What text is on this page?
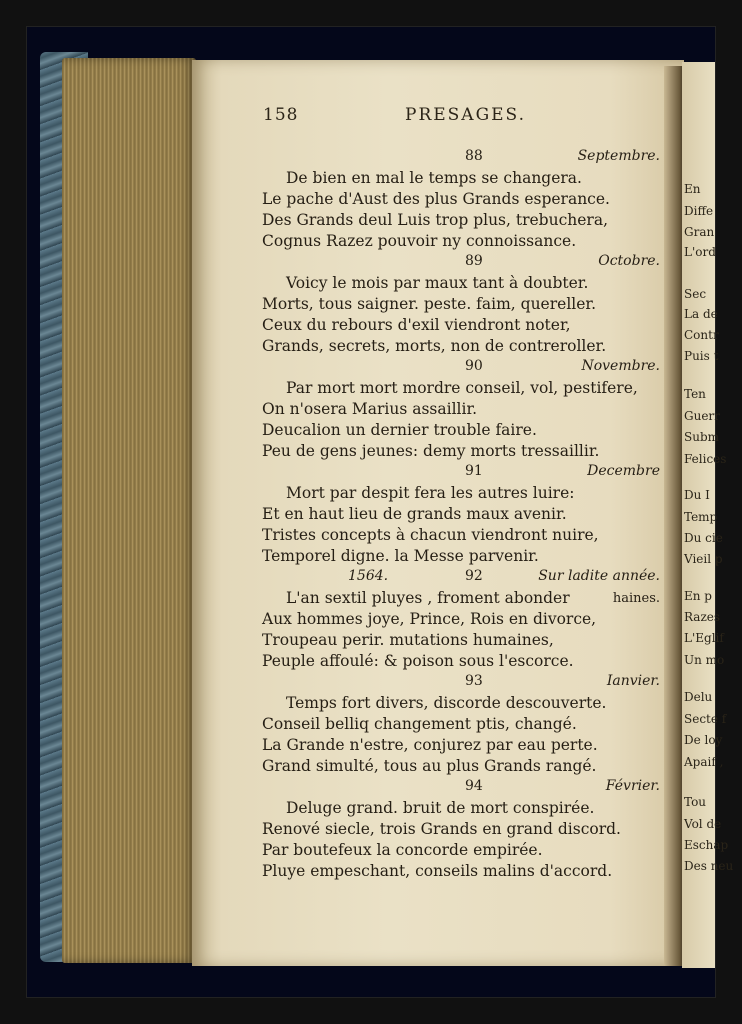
En
Diffe
Gran
L'ord
Sec
La de
Contr
Puis t
Ten
Guerr
Subm
Felices
Du I
Temp
Du cie
Vieil p
En p
Razes
L'Eglif
Un mo
Delu
Secte f
De loy
Apaif ,
Tou
Vol de
Eschap
Des neu
158	PRESAGES.
88	Septembre.
De bien en mal le temps se changera.
Le pache d'Aust des plus Grands esperance.
Des Grands deul Luis trop plus, trebuchera,
Cognus Razez pouvoir ny connoissance.
89	Octobre.
Voicy le mois par maux tant à doubter.
Morts, tous saigner. peste. faim, quereller.
Ceux du rebours d'exil viendront noter,
Grands, secrets, morts, non de contreroller.
90	Novembre.
Par mort mort mordre conseil, vol, pestifere,
On n'osera Marius assaillir.
Deucalion un dernier trouble faire.
Peu de gens jeunes: demy morts tressaillir.
91	Decembre
Mort par despit fera les autres luire:
Et en haut lieu de grands maux avenir.
Tristes concepts à chacun viendront nuire,
Temporel digne. la Messe parvenir.
1564.	92	Sur ladite année.
haines.
L'an sextil pluyes , froment abonder
Aux hommes joye, Prince, Rois en divorce,
Troupeau perir. mutations humaines,
Peuple affoulé: & poison sous l'escorce.
93	Ianvier.
Temps fort divers, discorde descouverte.
Conseil belliq changement ptis, changé.
La Grande n'estre, conjurez par eau perte.
Grand simulté, tous au plus Grands rangé.
94	Février.
Deluge grand. bruit de mort conspirée.
Renové siecle, trois Grands en grand discord.
Par boutefeux la concorde empirée.
Pluye empeschant, conseils malins d'accord.
